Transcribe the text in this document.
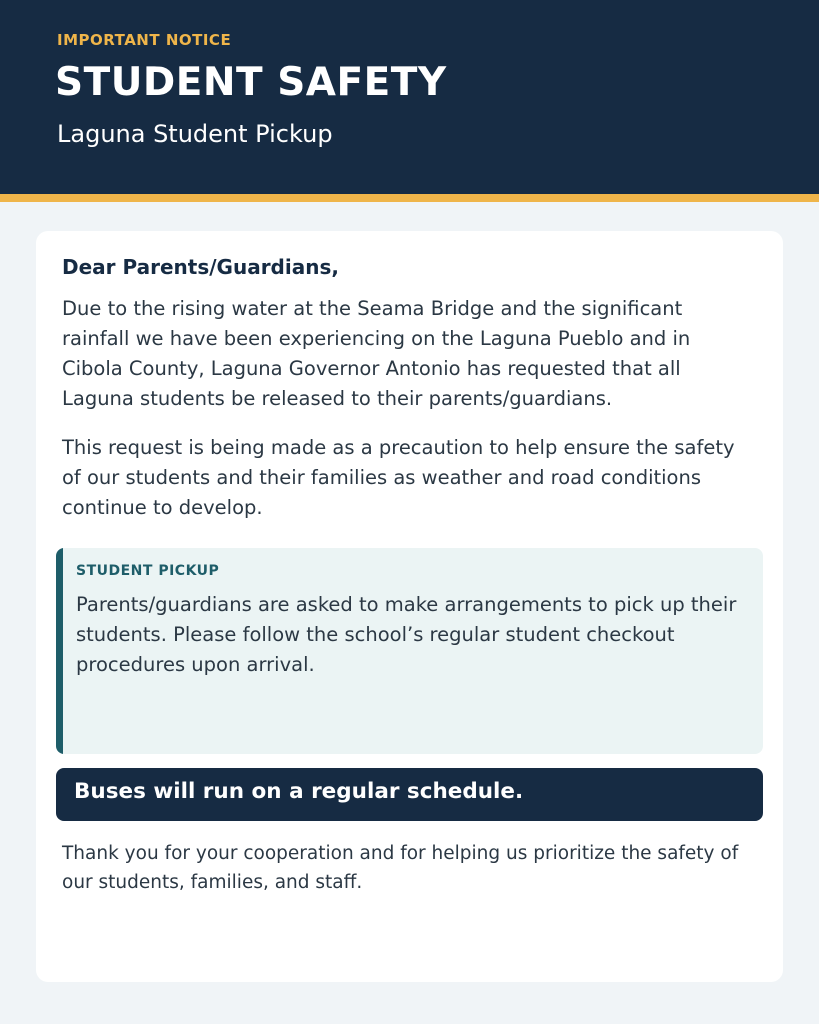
IMPORTANT NOTICE
STUDENT SAFETY
Laguna Student Pickup
Dear Parents/Guardians,
Due to the rising water at the Seama Bridge and the significant rainfall we have been experiencing on the Laguna Pueblo and in Cibola County, Laguna Governor Antonio has requested that all Laguna students be released to their parents/guardians.
This request is being made as a precaution to help ensure the safety of our students and their families as weather and road conditions continue to develop.
STUDENT PICKUP
Parents/guardians are asked to make arrangements to pick up their students. Please follow the school’s regular student checkout procedures upon arrival.
Buses will run on a regular schedule.
Thank you for your cooperation and for helping us prioritize the safety of our students, families, and staff.
